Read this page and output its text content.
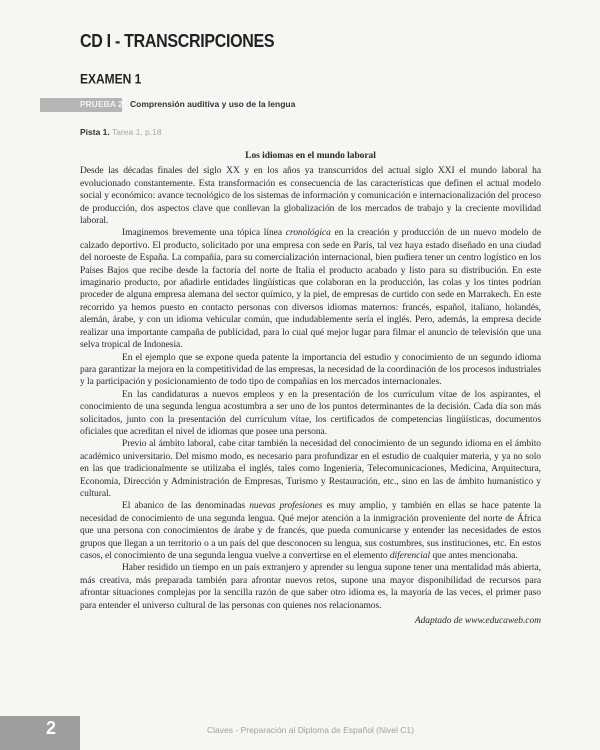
CD I - TRANSCRIPCIONES
EXAMEN 1
PRUEBA 2 Comprensión auditiva y uso de la lengua
Pista 1. Tarea 1, p.18

Los idiomas en el mundo laboral

Desde las décadas finales del siglo XX y en los años ya transcurridos del actual siglo XXI el mundo laboral ha evolucionado constantemente. Esta transformación es consecuencia de las características que definen el actual modelo social y económico: avance tecnológico de los sistemas de información y comunicación e internacionalización del proceso de producción, dos aspectos clave que conllevan la globalización de los mercados de trabajo y la creciente movilidad laboral.

Imaginemos brevemente una tópica línea cronológica en la creación y producción de un nuevo modelo de calzado deportivo. El producto, solicitado por una empresa con sede en París, tal vez haya estado diseñado en una ciudad del noroeste de España. La compañía, para su comercialización internacional, bien pudiera tener un centro logístico en los Países Bajos que recibe desde la factoría del norte de Italia el producto acabado y listo para su distribución. En este imaginario producto, por añadirle entidades lingüísticas que colaboran en la producción, las colas y los tintes podrían proceder de alguna empresa alemana del sector químico, y la piel, de empresas de curtido con sede en Marrakech. En este recorrido ya hemos puesto en contacto personas con diversos idiomas maternos: francés, español, italiano, holandés, alemán, árabe, y con un idioma vehicular común, que indudablemente sería el inglés. Pero, además, la empresa decide realizar una importante campaña de publicidad, para lo cual qué mejor lugar para filmar el anuncio de televisión que una selva tropical de Indonesia.

En el ejemplo que se expone queda patente la importancia del estudio y conocimiento de un segundo idioma para garantizar la mejora en la competitividad de las empresas, la necesidad de la coordinación de los procesos industriales y la participación y posicionamiento de todo tipo de compañías en los mercados internacionales.

En las candidaturas a nuevos empleos y en la presentación de los currículum vítae de los aspirantes, el conocimiento de una segunda lengua acostumbra a ser uno de los puntos determinantes de la decisión. Cada día son más solicitados, junto con la presentación del currículum vítae, los certificados de competencias lingüísticas, documentos oficiales que acreditan el nivel de idiomas que posee una persona.

Previo al ámbito laboral, cabe citar también la necesidad del conocimiento de un segundo idioma en el ámbito académico universitario. Del mismo modo, es necesario para profundizar en el estudio de cualquier materia, y ya no solo en las que tradicionalmente se utilizaba el inglés, tales como Ingeniería, Telecomunicaciones, Medicina, Arquitectura, Economía, Dirección y Administración de Empresas, Turismo y Restauración, etc., sino en las de ámbito humanístico y cultural.

El abanico de las denominadas nuevas profesiones es muy amplio, y también en ellas se hace patente la necesidad de conocimiento de una segunda lengua. Qué mejor atención a la inmigración proveniente del norte de África que una persona con conocimientos de árabe y de francés, que pueda comunicarse y entender las necesidades de estos grupos que llegan a un territorio o a un país del que desconocen su lengua, sus costumbres, sus instituciones, etc. En estos casos, el conocimiento de una segunda lengua vuelve a convertirse en el elemento diferencial que antes mencionaba.

Haber residido un tiempo en un país extranjero y aprender su lengua supone tener una mentalidad más abierta, más creativa, más preparada también para afrontar nuevos retos, supone una mayor disponibilidad de recursos para afrontar situaciones complejas por la sencilla razón de que saber otro idioma es, la mayoría de las veces, el primer paso para entender el universo cultural de las personas con quienes nos relacionamos.

Adaptado de www.educaweb.com

2	Claves - Preparación al Diploma de Español (Nivel C1)
